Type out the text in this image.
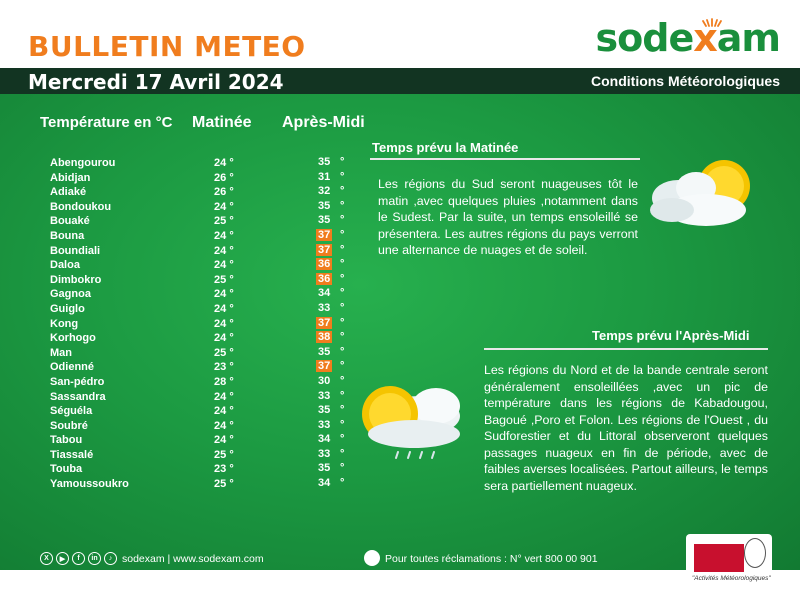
BULLETIN METEO	sodexam
Mercredi 17 Avril 2024	Conditions Météorologiques
Température en °C Matinée Après-Midi
Abengourou	24 °	35 °
Abidjan	26 °	31 °
Adiaké	26 °	32 °
Bondoukou	24 °	35 °
Bouaké	25 °	35 °
Bouna	24 °	37 °
Boundiali	24 °	37 °
Daloa	24 °	36 °
Dimbokro	25 °	36 °
Gagnoa	24 °	34 °
Guiglo	24 °	33 °
Kong	24 °	37 °
Korhogo	24 °	38 °
Man	25 °	35 °
Odienné	23 °	37 °
San-pédro	28 °	30 °
Sassandra	24 °	33 °
Séguéla	24 °	35 °
Soubré	24 °	33 °
Tabou	24 °	34 °
Tiassalé	25 °	33 °
Touba	23 °	35 °
Yamoussoukro	25 °	34 °
Temps prévu la Matinée
Les régions du Sud seront nuageuses tôt le matin ,avec quelques pluies ,notamment dans le Sudest. Par la suite, un temps ensoleillé se présentera. Les autres régions du pays verront une alternance de nuages et de soleil.
Temps prévu l'Après-Midi
Les régions du Nord et de la bande centrale seront généralement ensoleillées ,avec un pic de température dans les régions de Kabadougou, Bagoué ,Poro et Folon. Les régions de l'Ouest , du Sudforestier et du Littoral observeront quelques passages nuageux en fin de période, avec de faibles averses localisées. Partout ailleurs, le temps sera partiellement nuageux.
X	▶	f	in	♪ sodexam | www.sodexam.com	Pour toutes réclamations : N° vert 800 00 901
"Activités Météorologiques"
